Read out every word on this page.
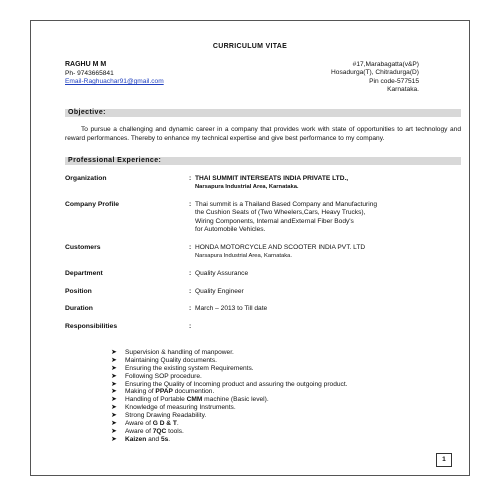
CURRICULUM VITAE
RAGHU M M
Ph- 9743665841
Email-Raghuachar91@gmail.com
#17,Marabagatta(v&P)
Hosadurga(T), Chitradurga(D)
Pin code-577515
Karnataka.
Objective:
To pursue a challenging and dynamic career in a company that provides work with state of opportunities to art technology and reward performances. Thereby to enhance my technical expertise and give best performance to my company.
Professional Experience:
Organization	: THAI SUMMIT INTERSEATS INDIA PRIVATE LTD.,
Narsapura Industrial Area, Karnataka.
Company Profile	: Thai summit is a Thailand Based Company and Manufacturing
the Cushion Seats of (Two Wheelers,Cars, Heavy Trucks),
Wiring Components, Internal andExternal Fiber Body's
for Automobile Vehicles.
Customers	: HONDA MOTORCYCLE AND SCOOTER INDIA PVT. LTD
Narsapura Industrial Area, Karnataka.
Department	: Quality Assurance
Position	: Quality Engineer
Duration	: March – 2013 to Till date
Responsibilities	:
➤ Supervision & handling of manpower.
➤ Maintaining Quality documents.
➤ Ensuring the existing system Requirements.
➤ Following SOP procedure.
➤ Ensuring the Quality of Incoming product and assuring the outgoing product.
➤ Making of PPAP documention.
➤ Handling of Portable CMM machine (Basic level).
➤ Knowledge of measuring Instruments.
➤ Strong Drawing Readability.
➤ Aware of G D & T.
➤ Aware of 7QC tools.
➤ Kaizen and 5s.
1
